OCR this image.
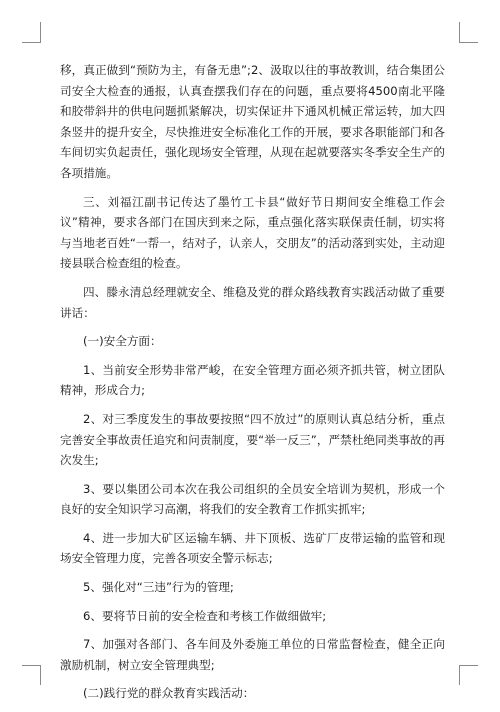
移，真正做到“预防为主，有备无患”;2、汲取以往的事故教训，结合集团公司安全大检查的通报，认真查摆我们存在的问题，重点要将4500南北平隆和胶带斜井的供电问题抓紧解决，切实保证井下通风机械正常运转，加大四条竖井的提升安全，尽快推进安全标准化工作的开展，要求各职能部门和各车间切实负起责任，强化现场安全管理，从现在起就要落实冬季安全生产的各项措施。

三、刘福江副书记传达了墨竹工卡县“做好节日期间安全维稳工作会议”精神，要求各部门在国庆到来之际，重点强化落实联保责任制，切实将与当地老百姓“一帮一，结对子，认亲人，交朋友”的活动落到实处，主动迎接县联合检查组的检查。

四、滕永清总经理就安全、维稳及党的群众路线教育实践活动做了重要讲话：

(一)安全方面：

1、当前安全形势非常严峻，在安全管理方面必须齐抓共管，树立团队精神，形成合力;

2、对三季度发生的事故要按照“四不放过”的原则认真总结分析，重点完善安全事故责任追究和问责制度，要“举一反三”，严禁杜绝同类事故的再次发生;

3、要以集团公司本次在我公司组织的全员安全培训为契机，形成一个良好的安全知识学习高潮，将我们的安全教育工作抓实抓牢;

4、进一步加大矿区运输车辆、井下顶板、选矿厂皮带运输的监管和现场安全管理力度，完善各项安全警示标志;

5、强化对“三违”行为的管理;

6、要将节日前的安全检查和考核工作做细做牢;

7、加强对各部门、各车间及外委施工单位的日常监督检查，健全正向激励机制，树立安全管理典型;

(二)践行党的群众教育实践活动：
